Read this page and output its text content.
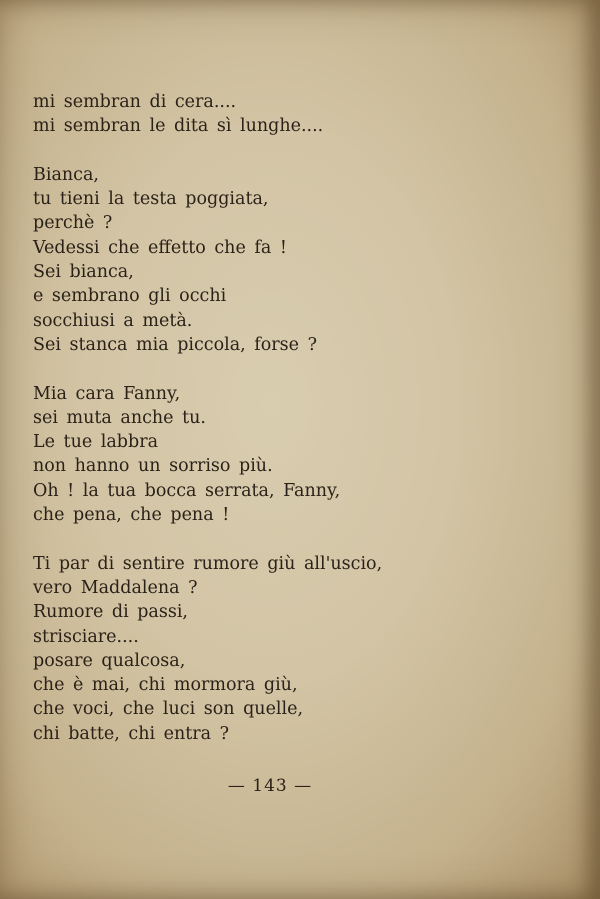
mi sembran di cera....
mi sembran le dita sì lunghe....
Bianca,
tu tieni la testa poggiata,
perchè ?
Vedessi che effetto che fa !
Sei bianca,
e sembrano gli occhi
socchiusi a metà.
Sei stanca mia piccola, forse ?
Mia cara Fanny,
sei muta anche tu.
Le tue labbra
non hanno un sorriso più.
Oh ! la tua bocca serrata, Fanny,
che pena, che pena !
Ti par di sentire rumore giù all'uscio,
vero Maddalena ?
Rumore di passi,
strisciare....
posare qualcosa,
che è mai, chi mormora giù,
che voci, che luci son quelle,
chi batte, chi entra ?
— 143 —
